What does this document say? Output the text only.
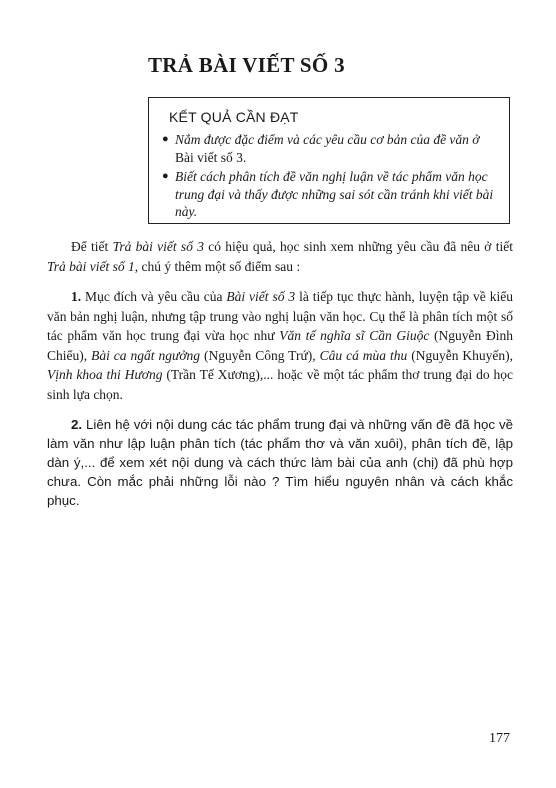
TRẢ BÀI VIẾT SỐ 3
KẾT QUẢ CẦN ĐẠT
● Nắm được đặc điểm và các yêu cầu cơ bản của đề văn ở Bài viết số 3.
● Biết cách phân tích đề văn nghị luận về tác phẩm văn học trung đại và thấy được những sai sót cần tránh khi viết bài này.

Để tiết Trả bài viết số 3 có hiệu quả, học sinh xem những yêu cầu đã nêu ở tiết Trả bài viết số 1, chú ý thêm một số điểm sau :

1. Mục đích và yêu cầu của Bài viết số 3 là tiếp tục thực hành, luyện tập về kiểu văn bản nghị luận, nhưng tập trung vào nghị luận văn học. Cụ thể là phân tích một số tác phẩm văn học trung đại vừa học như Văn tế nghĩa sĩ Cần Giuộc (Nguyễn Đình Chiểu), Bài ca ngất ngưởng (Nguyễn Công Trứ), Câu cá mùa thu (Nguyễn Khuyến), Vịnh khoa thi Hương (Trần Tế Xương),... hoặc về một tác phẩm thơ trung đại do học sinh lựa chọn.

2. Liên hệ với nội dung các tác phẩm trung đại và những vấn đề đã học về làm văn như lập luận phân tích (tác phẩm thơ và văn xuôi), phân tích đề, lập dàn ý,... để xem xét nội dung và cách thức làm bài của anh (chị) đã phù hợp chưa. Còn mắc phải những lỗi nào ? Tìm hiểu nguyên nhân và cách khắc phục.

177
